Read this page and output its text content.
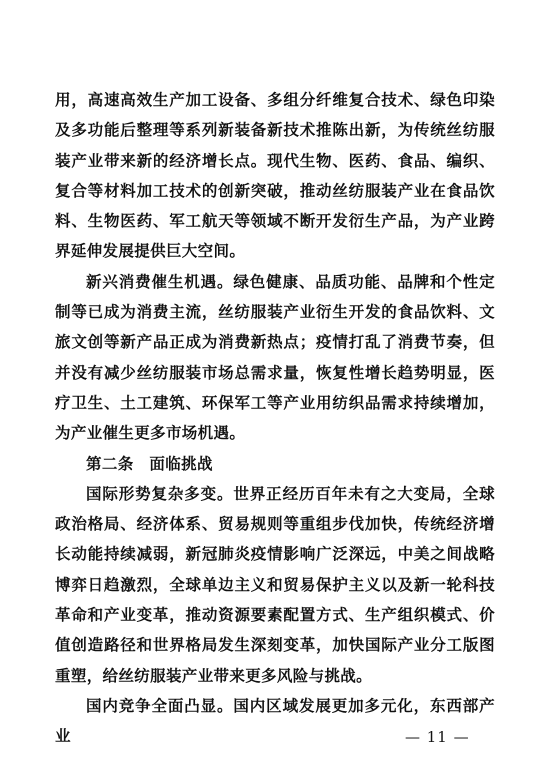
用，高速高效生产加工设备、多组分纤维复合技术、绿色印染及多功能后整理等系列新装备新技术推陈出新，为传统丝纺服装产业带来新的经济增长点。现代生物、医药、食品、编织、复合等材料加工技术的创新突破，推动丝纺服装产业在食品饮料、生物医药、军工航天等领域不断开发衍生产品，为产业跨界延伸发展提供巨大空间。

新兴消费催生机遇。绿色健康、品质功能、品牌和个性定制等已成为消费主流，丝纺服装产业衍生开发的食品饮料、文旅文创等新产品正成为消费新热点；疫情打乱了消费节奏，但并没有减少丝纺服装市场总需求量，恢复性增长趋势明显，医疗卫生、土工建筑、环保军工等产业用纺织品需求持续增加，为产业催生更多市场机遇。

第二条　面临挑战

国际形势复杂多变。世界正经历百年未有之大变局，全球政治格局、经济体系、贸易规则等重组步伐加快，传统经济增长动能持续减弱，新冠肺炎疫情影响广泛深远，中美之间战略博弈日趋激烈，全球单边主义和贸易保护主义以及新一轮科技革命和产业变革，推动资源要素配置方式、生产组织模式、价值创造路径和世界格局发生深刻变革，加快国际产业分工版图重塑，给丝纺服装产业带来更多风险与挑战。

国内竞争全面凸显。国内区域发展更加多元化，东西部产业	— 11 —
